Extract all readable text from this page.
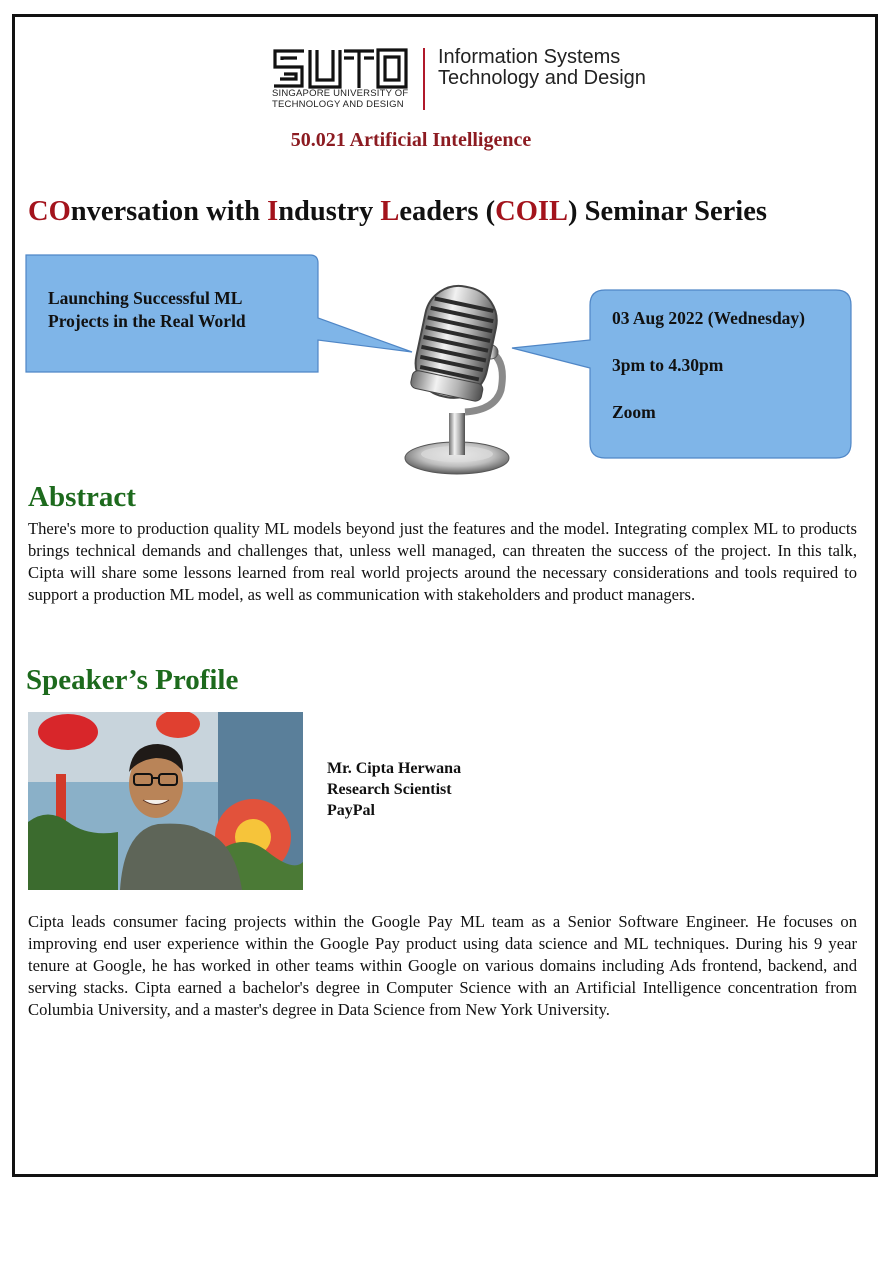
SINGAPORE UNIVERSITY OF
TECHNOLOGY AND DESIGN
Information Systems
Technology and Design
50.021 Artificial Intelligence
COnversation with Industry Leaders (COIL) Seminar Series
Launching Successful ML
Projects in the Real World	03 Aug 2022 (Wednesday)
3pm to 4.30pm
Zoom
Abstract
There's more to production quality ML models beyond just the features and the model. Integrating complex ML to products brings technical demands and challenges that, unless well managed, can threaten the success of the project. In this talk, Cipta will share some lessons learned from real world projects around the necessary considerations and tools required to support a production ML model, as well as communication with stakeholders and product managers.
Speaker’s Profile
Mr. Cipta Herwana
Research Scientist
PayPal
Cipta leads consumer facing projects within the Google Pay ML team as a Senior Software Engineer. He focuses on improving end user experience within the Google Pay product using data science and ML techniques. During his 9 year tenure at Google, he has worked in other teams within Google on various domains including Ads frontend, backend, and serving stacks. Cipta earned a bachelor's degree in Computer Science with an Artificial Intelligence concentration from Columbia University, and a master's degree in Data Science from New York University.
